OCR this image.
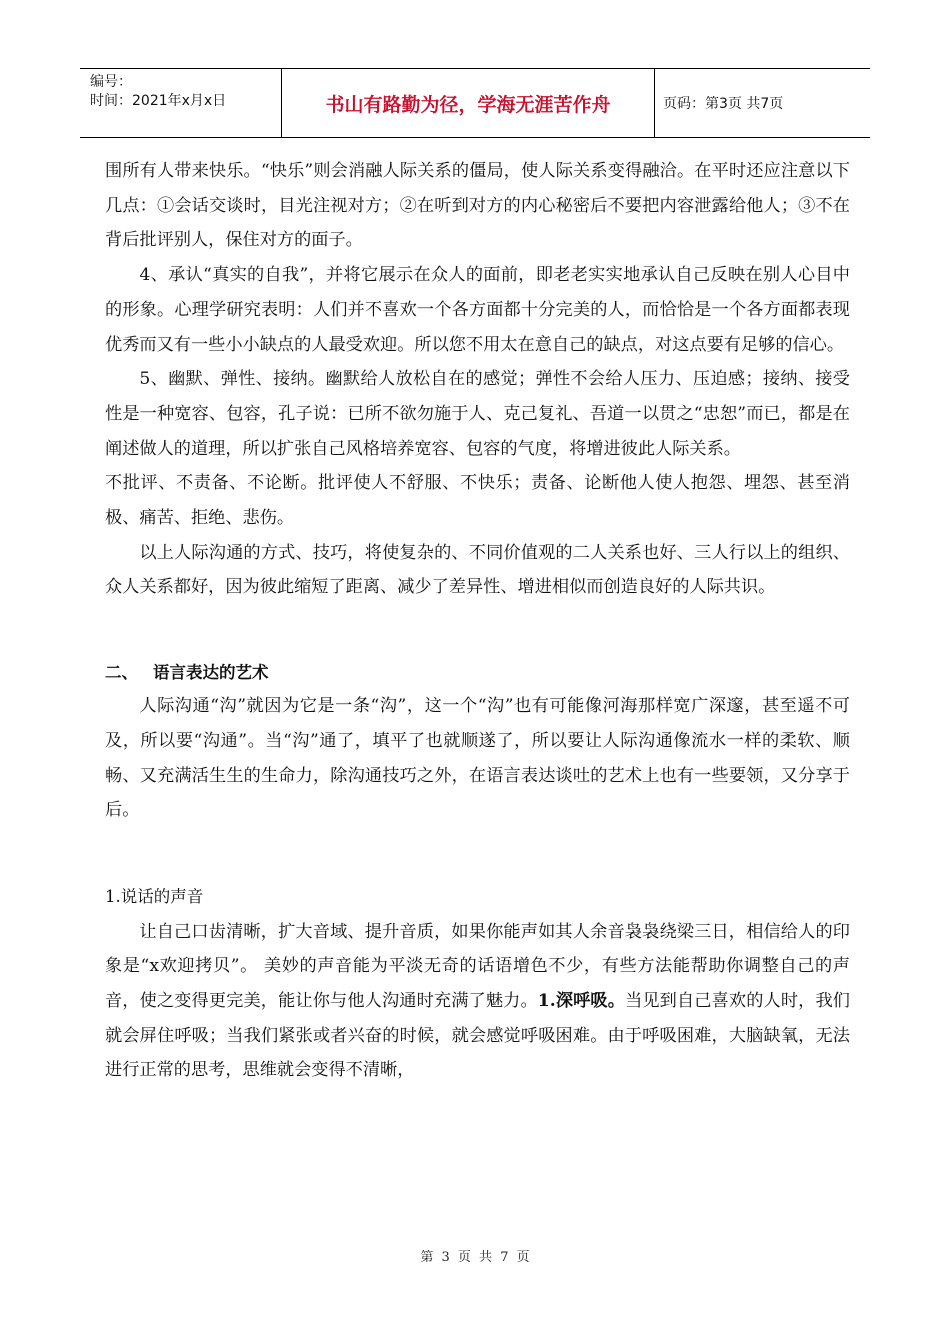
编号：
时间：2021年x月x日	书山有路勤为径，学海无涯苦作舟	页码：第3页 共7页

围所有人带来快乐。“快乐”则会消融人际关系的僵局，使人际关系变得融洽。在平时还应注意以下几点：①会话交谈时，目光注视对方；②在听到对方的内心秘密后不要把内容泄露给他人；③不在背后批评别人，保住对方的面子。

4、承认“真实的自我”，并将它展示在众人的面前，即老老实实地承认自己反映在别人心目中的形象。心理学研究表明：人们并不喜欢一个各方面都十分完美的人，而恰恰是一个各方面都表现优秀而又有一些小小缺点的人最受欢迎。所以您不用太在意自己的缺点，对这点要有足够的信心。

5、幽默、弹性、接纳。幽默给人放松自在的感觉；弹性不会给人压力、压迫感；接纳、接受性是一种宽容、包容，孔子说：已所不欲勿施于人、克己复礼、吾道一以贯之“忠恕”而已，都是在阐述做人的道理，所以扩张自己风格培养宽容、包容的气度，将增进彼此人际关系。

不批评、不责备、不论断。批评使人不舒服、不快乐；责备、论断他人使人抱怨、埋怨、甚至消极、痛苦、拒绝、悲伤。

以上人际沟通的方式、技巧，将使复杂的、不同价值观的二人关系也好、三人行以上的组织、众人关系都好，因为彼此缩短了距离、减少了差异性、增进相似而创造良好的人际共识。

二、 语言表达的艺术

人际沟通“沟”就因为它是一条“沟”，这一个“沟”也有可能像河海那样宽广深邃，甚至遥不可及，所以要“沟通”。当“沟”通了，填平了也就顺遂了，所以要让人际沟通像流水一样的柔软、顺畅、又充满活生生的生命力，除沟通技巧之外，在语言表达谈吐的艺术上也有一些要领，又分享于后。

1.说话的声音

让自己口齿清晰，扩大音域、提升音质，如果你能声如其人余音袅袅绕梁三日，相信给人的印象是“x欢迎拷贝”。 美妙的声音能为平淡无奇的话语增色不少，有些方法能帮助你调整自己的声音，使之变得更完美，能让你与他人沟通时充满了魅力。1.深呼吸。当见到自己喜欢的人时，我们就会屏住呼吸；当我们紧张或者兴奋的时候，就会感觉呼吸困难。由于呼吸困难，大脑缺氧，无法进行正常的思考，思维就会变得不清晰，

第 3 页 共 7 页
